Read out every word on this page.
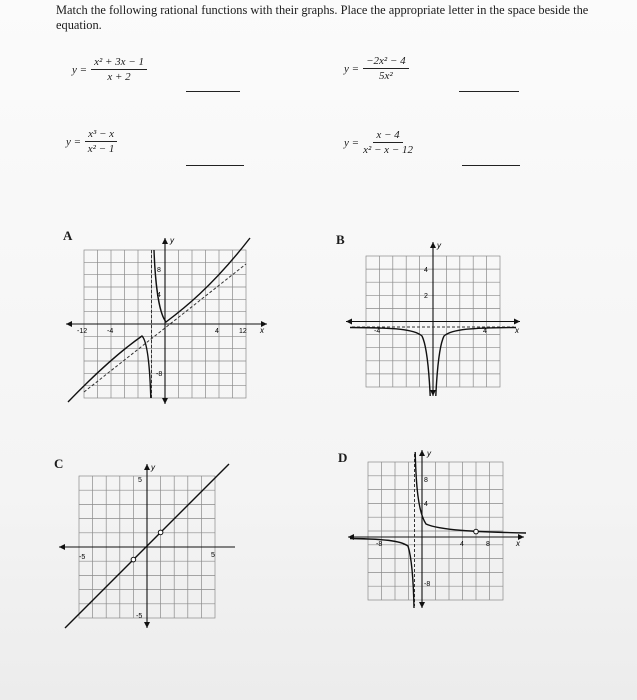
Match the following rational functions with their graphs. Place the appropriate letter in the space beside the equation.
$y = \frac{\text{x² + 3x − 1}}{x + 2}$	$y = \frac{\text{−2x² − 4}}{\text{5x²}}$
$y = \frac{\text{x³ − x}}{\text{x² − 1}}$	$y = \frac{x - 4}{\text{x² − x − 12}}$
A	B
C	D
y
x
-12	-4	4	12
8
4
-8
y
x
-4	4
4
2
y
-5	5
5
-5
y
x
-8	4	8
8
4
-8
